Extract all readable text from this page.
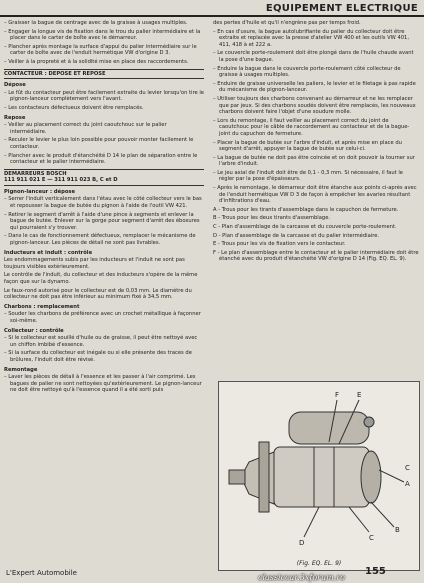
EQUIPEMENT ELECTRIQUE
– Graisser la bague de centrage avec de la graisse à usages multiples.
– Engager la longue vis de fixation dans le trou du palier intermédiaire et la placer dans le carter de boîte avec le démarreur.
– Plancher après montage la surface d'appui du palier intermédiaire sur le carter de boîte avec de l'enduit hermétique VW d'origine D 3.
– Veiller à la propreté et à la solidité mise en place des raccordements.
CONTACTEUR : DEPOSE ET REPOSE
Dépose
– Le fût du contacteur peut être facilement extraite du levier lorsqu'on tire le pignon-lanceur complètement vers l'avant.
– Les contacteurs défectueux doivent être remplacés.
Repose
– Veiller au placement correct du joint caoutchouc sur le palier intermédiaire.
– Reculer le levier le plus loin possible pour pouvoir monter facilement le contacteur.
– Plancher avec le produit d'étanchéité D 14 le plan de séparation entre le contacteur et le palier intermédiaire.
DEMARREURS BOSCH
111 911 021 E — 311 911 023 B, C et D
Pignon-lanceur : dépose
– Serrer l'induit verticalement dans l'étau avec le côté collecteur vers le bas et repousser la bague de butée du pignon à l'aide de l'outil VW 421.
– Retirer le segment d'arrêt à l'aide d'une pince à segments et enlever la bague de butée. Enlever sur la gorge pour segment d'arrêt des éboxures qui pourraient s'y trouver.
– Dans le cas de fonctionnement défectueux, remplacer le mécanisme de pignon-lanceur. Les pièces de détail ne sont pas livrables.
Inducteurs et induit : contrôle
Les endommagements subis par les inducteurs et l'induit ne sont pas toujours visibles extérieurement.
Le contrôle de l'induit, du collecteur et des inducteurs s'opère de la même façon que sur la dynamo.
Le faux-rond autorisé pour le collecteur est de 0,03 mm. Le diamètre du collecteur ne doit pas être inférieur au minimum fixé à 34,5 mm.
Charbons : remplacement
– Souder les charbons de préférence avec un crochet métallique à façonner soi-même.
Collecteur : contrôle
– Si le collecteur est souillé d'huile ou de graisse, il peut être nettoyé avec un chiffon imbibé d'essence.
– Si la surface du collecteur est inégale ou si elle présente des traces de brûlures, l'induit doit être révisé.
Remontage
– Laver les pièces de détail à l'essence et les passer à l'air comprimé. Les bagues de palier ne sont nettoyées qu'extérieurement. Le pignon-lanceur ne doit être nettoyé qu'à l'essence quand il a été sorti puis
des pertes d'huile et qu'il n'engrène pas per temps froid.
– En cas d'usure, la bague autolubrifiante du palier du collecteur doit être extraite et replacée avec la presse d'atelier VW 400 et les outils VW 401, 411, 418 à et 222 a.
– Le couvercle porte-roulement doit être plongé dans de l'huile chaude avant la pose d'une bague.
– Enduire la bague dans le couvercle porte-roulement côté collecteur de graisse à usages multiples.
– Enduire de graisse universelle les paliers, le levier et le filetage à pas rapide du mécanisme de pignon-lanceur.
– Utiliser toujours des charbons convenant au démarreur et ne les remplacer que par jeux. Si des charbons soudés doivent être remplacés, les nouveaux charbons doivent faire l'objet d'une soudure molle.
– Lors du remontage, il faut veiller au placement correct du joint de caoutchouc pour le câble de raccordement au contacteur et de la bague-joint du capuchon de fermeture.
– Placer la bague de butée sur l'arbre d'induit, et après mise en place du segment d'arrêt, appuyer la bague de butée sur celui-ci.
– La bague de butée ne doit pas être coincée et on doit pouvoir la tourner sur l'arbre d'induit.
– Le jeu axial de l'induit doit être de 0,1 - 0,3 mm. Si nécessaire, il faut le régler par la pose d'épaisseurs.
– Après le remontage, le démarreur doit être étanche aux points ci-après avec de l'enduit hermétique VW D 3 de façon à empêcher les avaries résultant d'infiltrations d'eau.
A - Trous pour les tirants d'assemblage dans le capuchon de fermeture.
B - Trous pour les deux tirants d'assemblage.
C - Plan d'assemblage de la carcasse et du couvercle porte-roulement.
D - Plan d'assemblage de la carcasse et du palier intermédiaire.
E - Trous pour les vis de fixation vers le contacteur.
F - Le plan d'assemblage entre le contacteur et le palier intermédiaire doit être étanché avec du produit d'étanchéité VW d'origine D 14 (Fig. EQ. EL. 9).
A
B
C
D
E
F
C
(Fig. EQ. EL. 9)
L'Expert Automobile	155
classiccar.3xforum.ro
